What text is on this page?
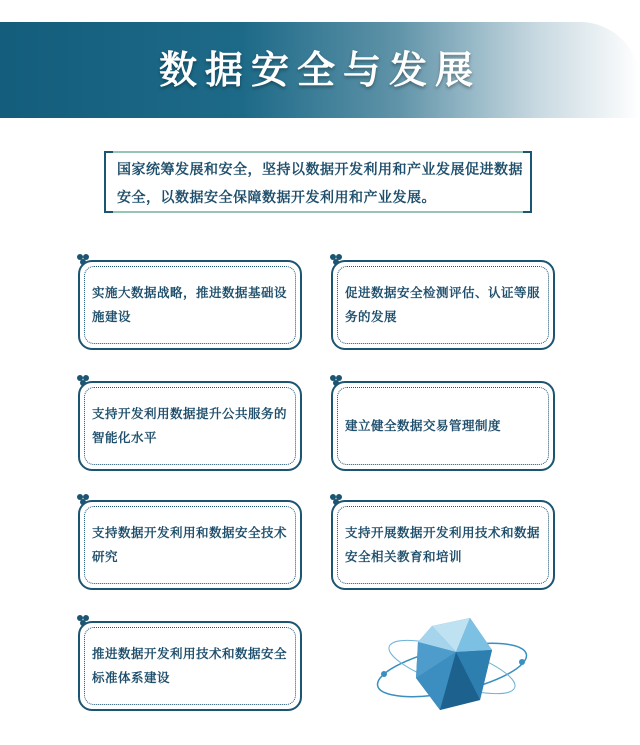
数据安全与发展
国家统筹发展和安全，坚持以数据开发利用和产业发展促进数据安全，以数据安全保障数据开发利用和产业发展。
实施大数据战略，推进数据基础设施建设
促进数据安全检测评估、认证等服务的发展
支持开发利用数据提升公共服务的智能化水平
建立健全数据交易管理制度
支持数据开发利用和数据安全技术研究
支持开展数据开发利用技术和数据安全相关教育和培训
推进数据开发利用技术和数据安全标准体系建设
